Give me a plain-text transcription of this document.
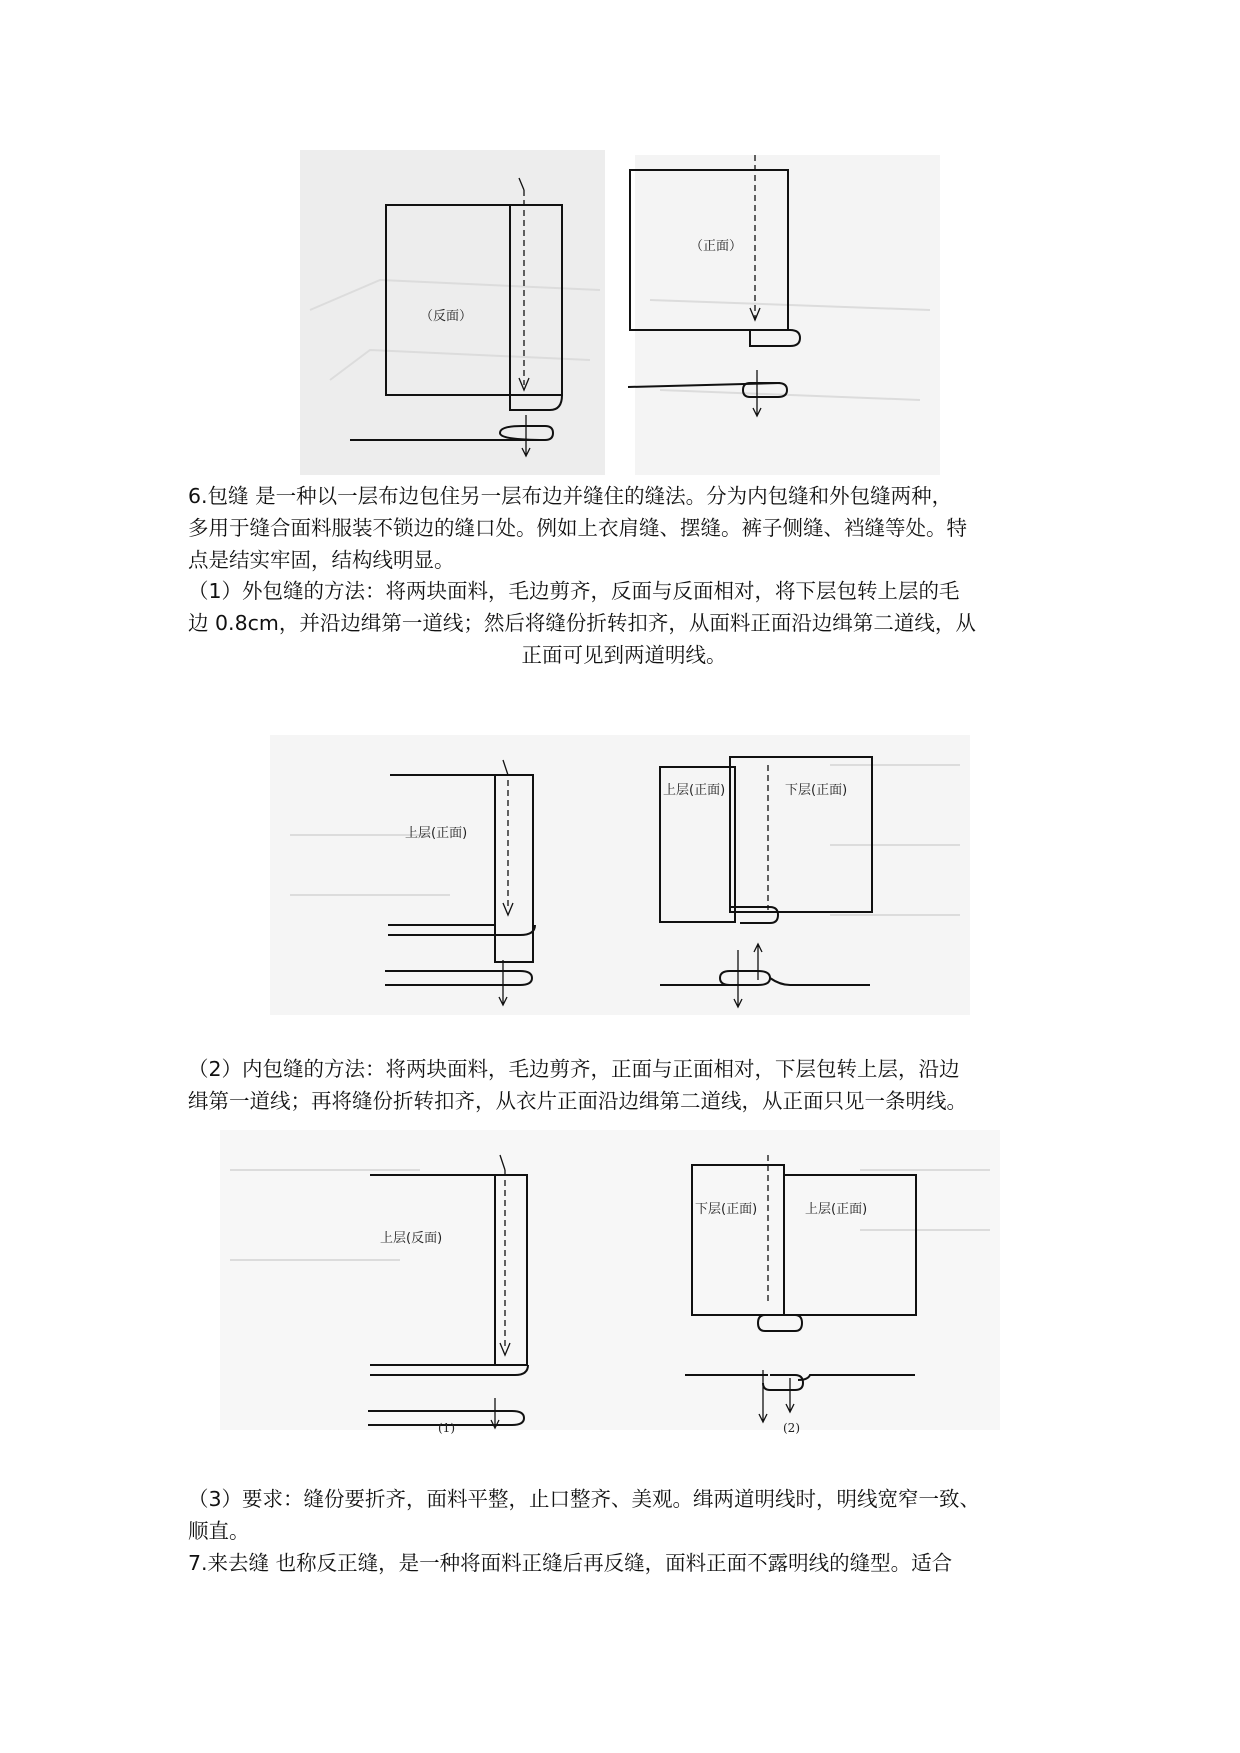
（反面）
（正面）
6.包缝 是一种以一层布边包住另一层布边并缝住的缝法。分为内包缝和外包缝两种，
多用于缝合面料服装不锁边的缝口处。例如上衣肩缝、摆缝。裤子侧缝、裆缝等处。特
点是结实牢固，结构线明显。
（1）外包缝的方法：将两块面料，毛边剪齐，反面与反面相对，将下层包转上层的毛
边 0.8cm，并沿边缉第一道线；然后将缝份折转扣齐，从面料正面沿边缉第二道线，从
正面可见到两道明线。
上层(正面)
上层(正面)	下层(正面)
（2）内包缝的方法：将两块面料，毛边剪齐，正面与正面相对，下层包转上层，沿边
缉第一道线；再将缝份折转扣齐，从衣片正面沿边缉第二道线，从正面只见一条明线。
上层(反面)
(1)
下层(正面)	上层(正面)
(2)
（3）要求：缝份要折齐，面料平整，止口整齐、美观。缉两道明线时，明线宽窄一致、
顺直。
7.来去缝 也称反正缝，是一种将面料正缝后再反缝，面料正面不露明线的缝型。适合
